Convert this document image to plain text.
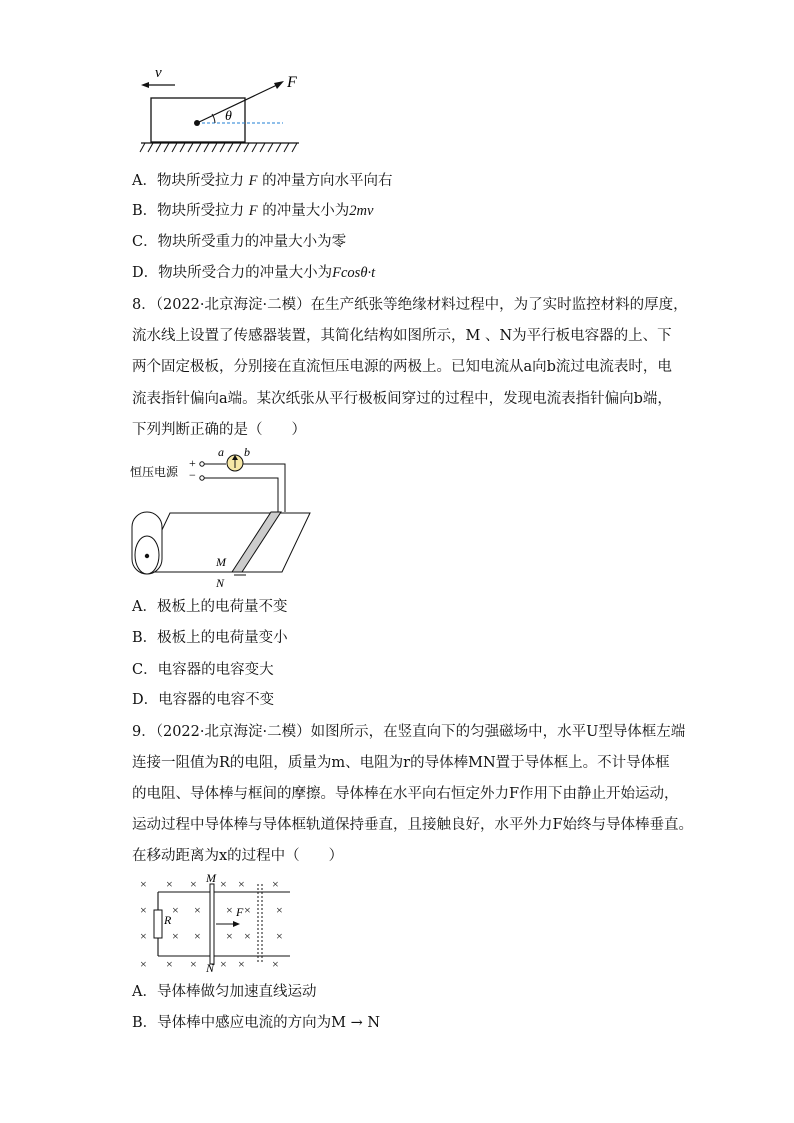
v
θ
F
A．物块所受拉力 F 的冲量方向水平向右
B．物块所受拉力 F 的冲量大小为2mv
C．物块所受重力的冲量大小为零
D．物块所受合力的冲量大小为Fcosθ·t
8．（2022·北京海淀·二模）在生产纸张等绝缘材料过程中，为了实时监控材料的厚度，
流水线上设置了传感器装置，其简化结构如图所示，M 、N为平行板电容器的上、下
两个固定极板，分别接在直流恒压电源的两极上。已知电流从a向b流过电流表时，电
流表指针偏向a端。某次纸张从平行极板间穿过的过程中，发现电流表指针偏向b端，
下列判断正确的是（　　）
恒压电源
+
−
a b
M
N
A．极板上的电荷量不变
B．极板上的电荷量变小
C．电容器的电容变大
D．电容器的电容不变
9．（2022·北京海淀·二模）如图所示，在竖直向下的匀强磁场中，水平U型导体框左端
连接一阻值为R的电阻，质量为m、电阻为r的导体棒MN置于导体框上。不计导体框
的电阻、导体棒与框间的摩擦。导体棒在水平向右恒定外力F作用下由静止开始运动，
运动过程中导体棒与导体框轨道保持垂直，且接触良好，水平外力F始终与导体棒垂直。
在移动距离为x的过程中（　　）
R
M
N
F
× × × × × ×
× × × × × ×
× × × × × ×
× × × × × ×
A．导体棒做匀加速直线运动
B．导体棒中感应电流的方向为M → N
